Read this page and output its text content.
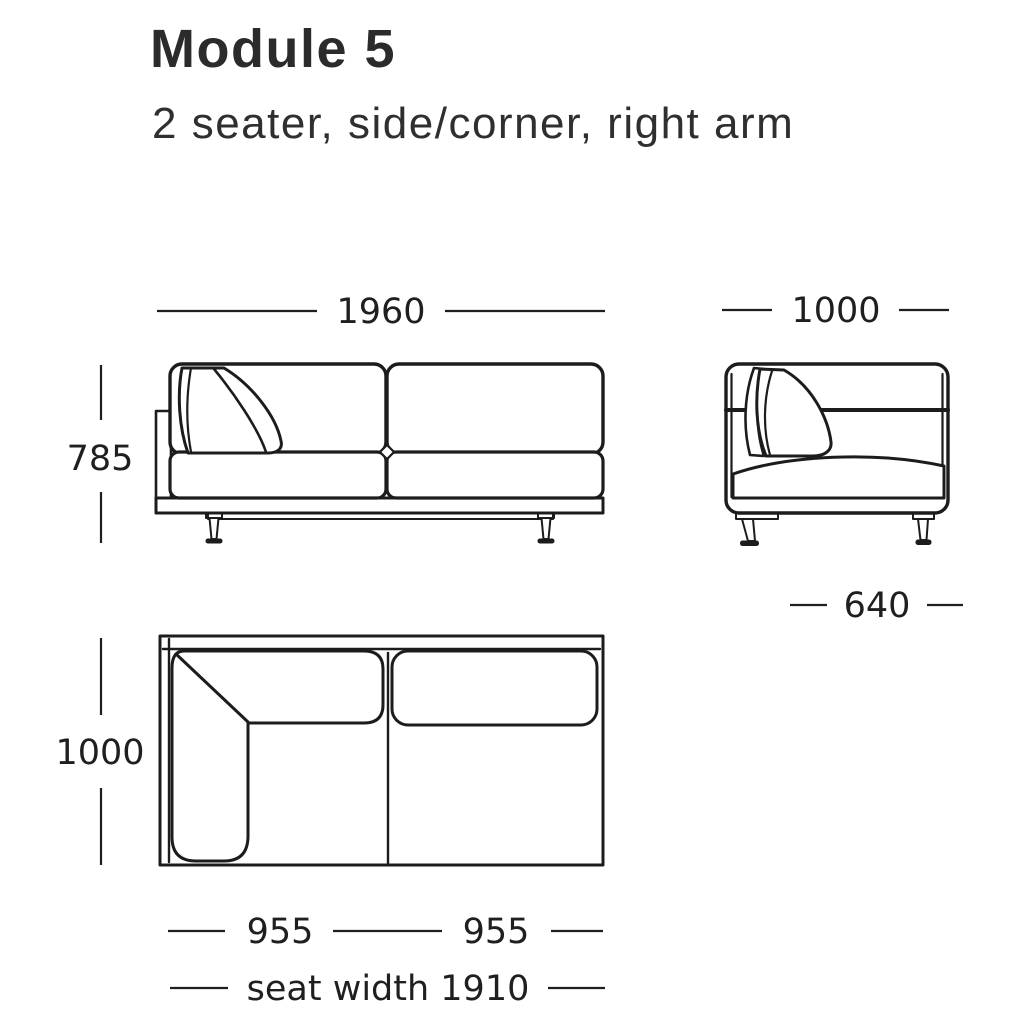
Module 5
2 seater, side/corner, right arm
1960
785
1000
640
1000
955	955
seat width 1910
